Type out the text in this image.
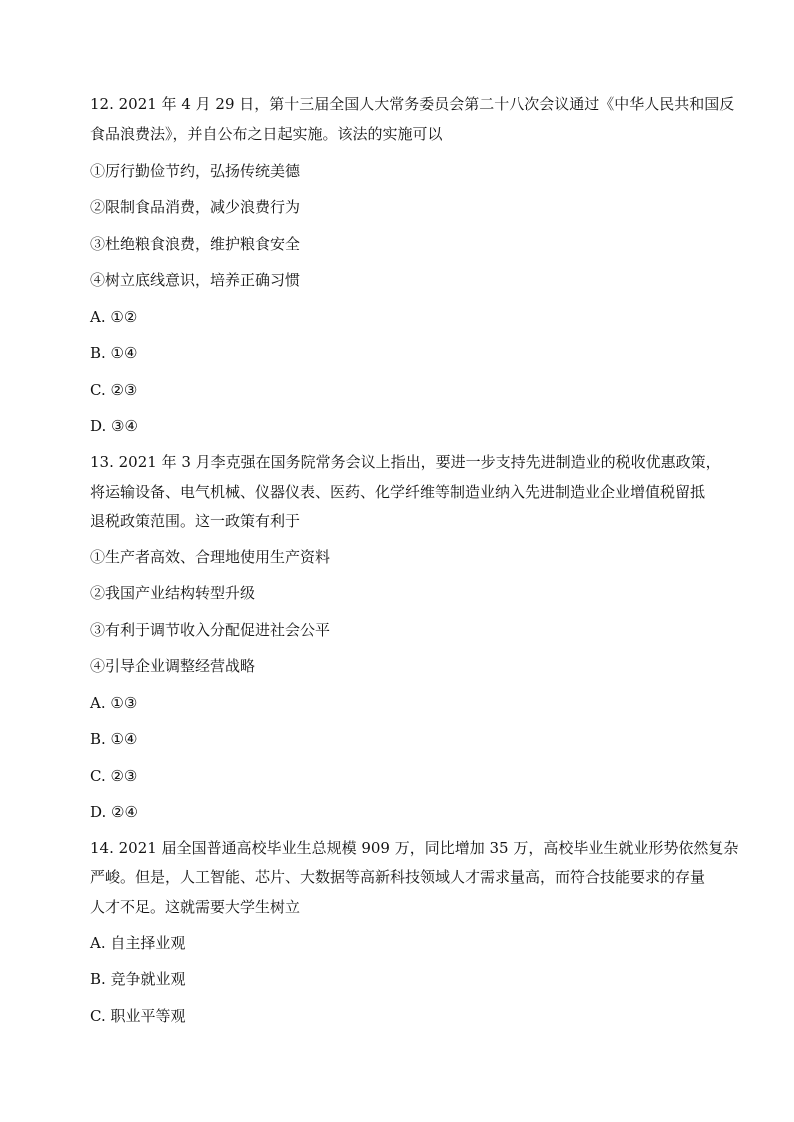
12. 2021 年 4 月 29 日，第十三届全国人大常务委员会第二十八次会议通过《中华人民共和国反
食品浪费法》，并自公布之日起实施。该法的实施可以
①厉行勤俭节约，弘扬传统美德
②限制食品消费，减少浪费行为
③杜绝粮食浪费，维护粮食安全
④树立底线意识，培养正确习惯
A. ①②
B. ①④
C. ②③
D. ③④
13. 2021 年 3 月李克强在国务院常务会议上指出，要进一步支持先进制造业的税收优惠政策，
将运输设备、电气机械、仪器仪表、医药、化学纤维等制造业纳入先进制造业企业增值税留抵
退税政策范围。这一政策有利于
①生产者高效、合理地使用生产资料
②我国产业结构转型升级
③有利于调节收入分配促进社会公平
④引导企业调整经营战略
A. ①③
B. ①④
C. ②③
D. ②④
14. 2021 届全国普通高校毕业生总规模 909 万，同比增加 35 万，高校毕业生就业形势依然复杂
严峻。但是，人工智能、芯片、大数据等高新科技领域人才需求量高，而符合技能要求的存量
人才不足。这就需要大学生树立
A. 自主择业观
B. 竞争就业观
C. 职业平等观
